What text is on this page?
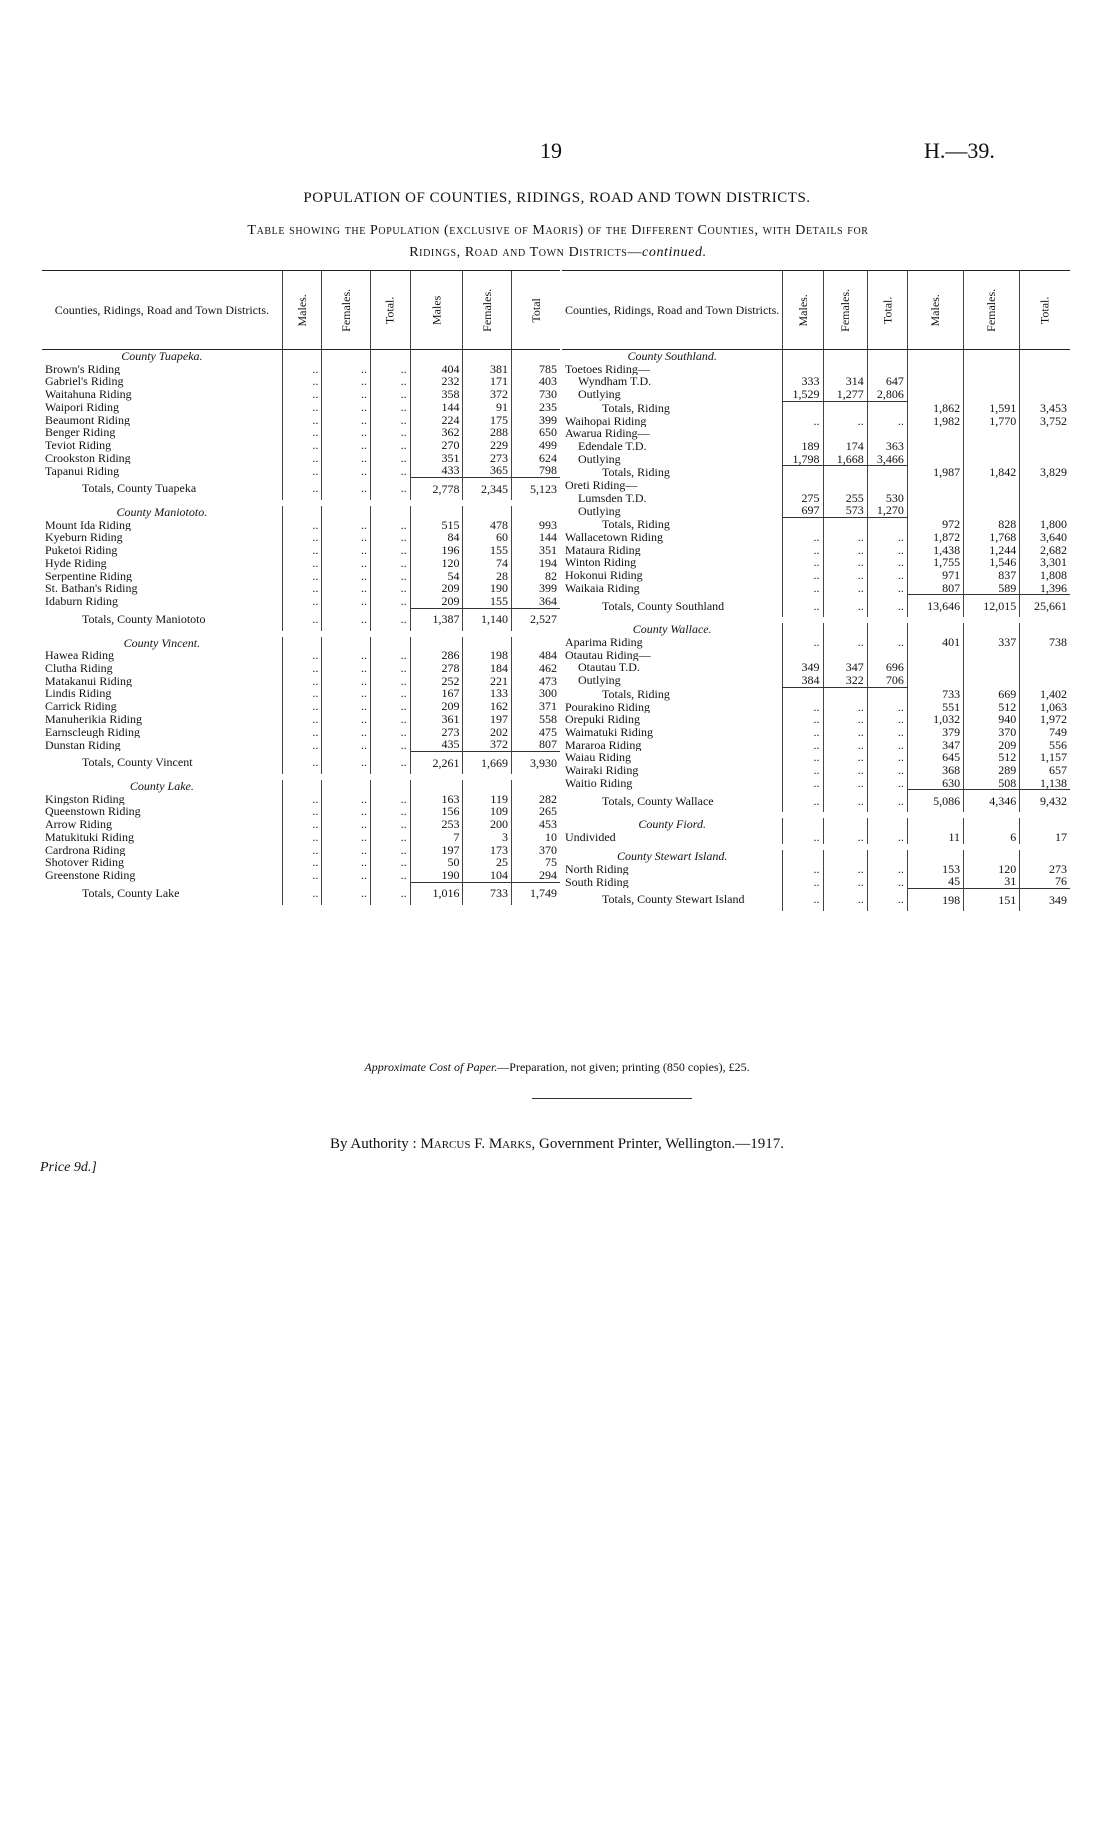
19	H.—39.
POPULATION OF COUNTIES, RIDINGS, ROAD AND TOWN DISTRICTS.
Table showing the Population (exclusive of Maoris) of the Different Counties, with Details for
Ridings, Road and Town Districts—continued.
Counties, Ridings, Road and Town Districts.	Males.	Females.	Total.	Males	Females.	Total
County Tuapeka.						
Brown's Riding	..	..	..	404	381	785
Gabriel's Riding	..	..	..	232	171	403
Waitahuna Riding	..	..	..	358	372	730
Waipori Riding	..	..	..	144	91	235
Beaumont Riding	..	..	..	224	175	399
Benger Riding	..	..	..	362	288	650
Teviot Riding	..	..	..	270	229	499
Crookston Riding	..	..	..	351	273	624
Tapanui Riding	..	..	..	433	365	798
Totals, County Tuapeka	..	..	..	2,778	2,345	5,123

County Maniototo.						
Mount Ida Riding	..	..	..	515	478	993
Kyeburn Riding	..	..	..	84	60	144
Puketoi Riding	..	..	..	196	155	351
Hyde Riding	..	..	..	120	74	194
Serpentine Riding	..	..	..	54	28	82
St. Bathan's Riding	..	..	..	209	190	399
Idaburn Riding	..	..	..	209	155	364
Totals, County Maniototo	..	..	..	1,387	1,140	2,527

County Vincent.						
Hawea Riding	..	..	..	286	198	484
Clutha Riding	..	..	..	278	184	462
Matakanui Riding	..	..	..	252	221	473
Lindis Riding	..	..	..	167	133	300
Carrick Riding	..	..	..	209	162	371
Manuherikia Riding	..	..	..	361	197	558
Earnscleugh Riding	..	..	..	273	202	475
Dunstan Riding	..	..	..	435	372	807
Totals, County Vincent	..	..	..	2,261	1,669	3,930

County Lake.						
Kingston Riding	..	..	..	163	119	282
Queenstown Riding	..	..	..	156	109	265
Arrow Riding	..	..	..	253	200	453
Matukituki Riding	..	..	..	7	3	10
Cardrona Riding	..	..	..	197	173	370
Shotover Riding	..	..	..	50	25	75
Greenstone Riding	..	..	..	190	104	294
Totals, County Lake	..	..	..	1,016	733	1,749
Counties, Ridings, Road and Town Districts.	Males.	Females.	Total.	Males.	Females.	Total.
County Southland.						
Toetoes Riding—						
Wyndham T.D.	333	314	647			
Outlying	1,529	1,277	2,806			
Totals, Riding				1,862	1,591	3,453
Waihopai Riding	..	..	..	1,982	1,770	3,752
Awarua Riding—						
Edendale T.D.	189	174	363			
Outlying	1,798	1,668	3,466			
Totals, Riding				1,987	1,842	3,829
Oreti Riding—						
Lumsden T.D.	275	255	530			
Outlying	697	573	1,270			
Totals, Riding				972	828	1,800
Wallacetown Riding	..	..	..	1,872	1,768	3,640
Mataura Riding	..	..	..	1,438	1,244	2,682
Winton Riding	..	..	..	1,755	1,546	3,301
Hokonui Riding	..	..	..	971	837	1,808
Waikaia Riding	..	..	..	807	589	1,396
Totals, County Southland	..	..	..	13,646	12,015	25,661

County Wallace.						
Aparima Riding	..	..	..	401	337	738
Otautau Riding—						
Otautau T.D.	349	347	696			
Outlying	384	322	706			
Totals, Riding				733	669	1,402
Pourakino Riding	..	..	..	551	512	1,063
Orepuki Riding	..	..	..	1,032	940	1,972
Waimatuki Riding	..	..	..	379	370	749
Mararoa Riding	..	..	..	347	209	556
Waiau Riding	..	..	..	645	512	1,157
Wairaki Riding	..	..	..	368	289	657
Waitio Riding	..	..	..	630	508	1,138
Totals, County Wallace	..	..	..	5,086	4,346	9,432

County Fiord.						
Undivided	..	..	..	11	6	17

County Stewart Island.						
North Riding	..	..	..	153	120	273
South Riding	..	..	..	45	31	76
Totals, County Stewart Island	..	..	..	198	151	349
Approximate Cost of Paper.—Preparation, not given; printing (850 copies), £25.
By Authority : Marcus F. Marks, Government Printer, Wellington.—1917.
Price 9d.]
